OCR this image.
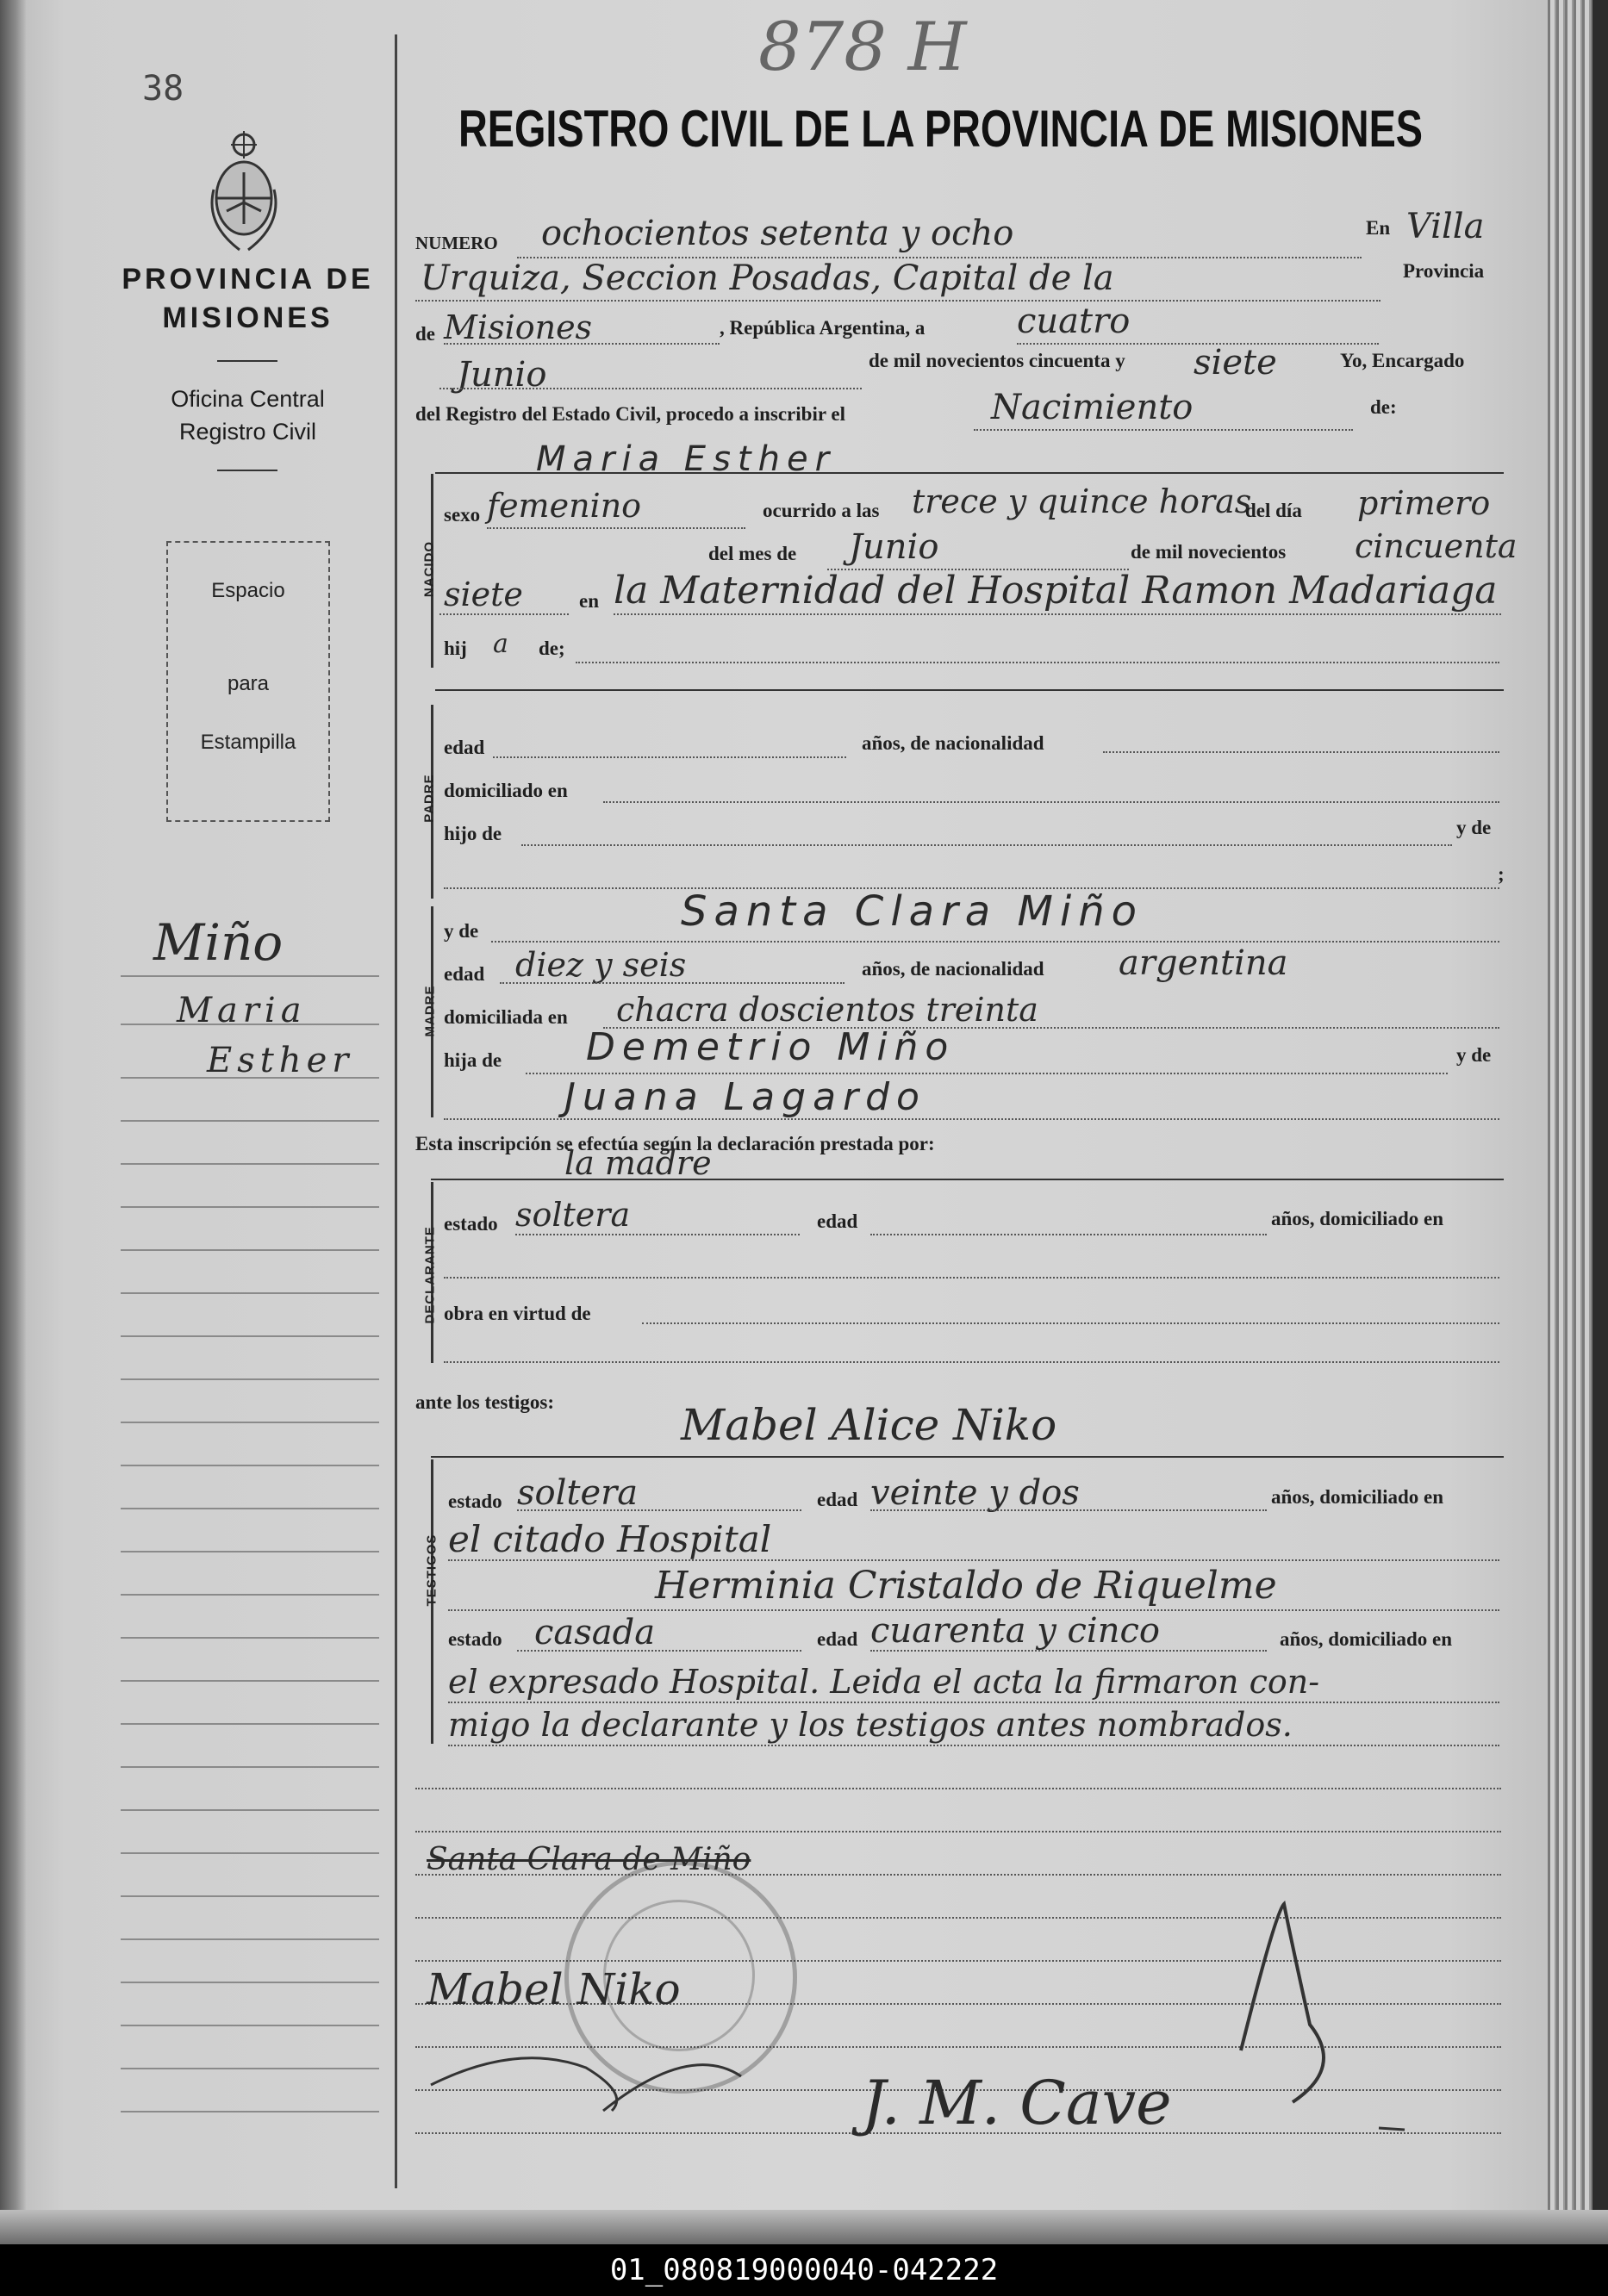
38
PROVINCIA DE
MISIONES
Oficina Central
Registro Civil
Espacio
para
Estampilla
Miño
Maria
Esther
878 H
REGISTRO CIVIL DE LA PROVINCIA DE MISIONES
NUMERO ochocientos setenta y ocho	En Villa
Urquiza, Seccion Posadas, Capital de la	Provincia
de Misiones	, República Argentina, a	cuatro
Junio	de mil novecientos cincuenta y siete	Yo, Encargado
del Registro del Estado Civil, procedo a inscribir el	Nacimiento	de:
Maria Esther
NACIDO
sexo femenino	ocurrido a las trece y quince horas
del día primero
del mes de Junio	de mil novecientos cincuenta
siete	en la Maternidad del Hospital Ramon Madariaga
hij a de;
PADRE
edad	años, de nacionalidad
domiciliado en
hijo de	y de
;
MADRE
y de	Santa Clara Miño
edad diez y seis	años, de nacionalidad argentina
domiciliada en chacra doscientos treinta
hija de Demetrio Miño	y de
Juana Lagardo
Esta inscripción se efectúa según la declaración prestada por:
la madre
DECLARANTE
estado soltera	edad	años, domiciliado en
obra en virtud de
ante los testigos:	Mabel Alice Niko
TESTIGOS
estado soltera	edad veinte y dos	años, domiciliado en
el citado Hospital
Herminia Cristaldo de Riquelme
estado casada	edad cuarenta y cinco	años, domiciliado en
el expresado Hospital. Leida el acta la firmaron con-
migo la declarante y los testigos antes nombrados.
Santa Clara de Miño
Mabel Niko
J. M. Cave
01_080819000040-042222
